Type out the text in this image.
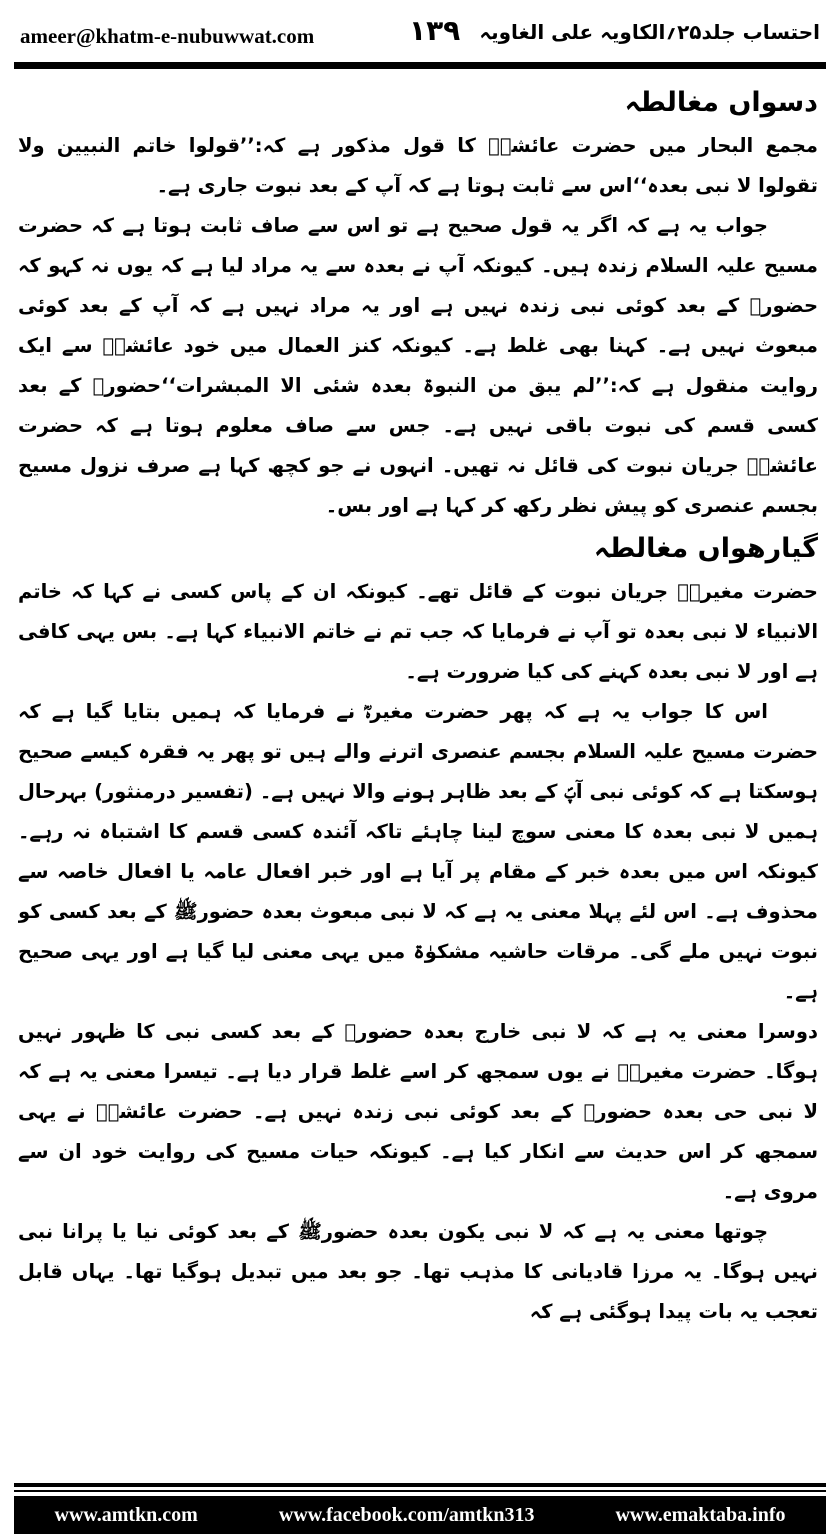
ameer@khatm-e-nubuwwat.com	۱۳۹ احتساب جلد۲۵؍الکاویہ علی الغاویہ
دسواں مغالطہ

مجمع البحار میں حضرت عائشہؓ کا قول مذکور ہے کہ:’’قولوا خاتم النبیین ولا تقولوا لا نبی بعدہ‘‘اس سے ثابت ہوتا ہے کہ آپ کے بعد نبوت جاری ہے۔

جواب یہ ہے کہ اگر یہ قول صحیح ہے تو اس سے صاف ثابت ہوتا ہے کہ حضرت مسیح علیہ السلام زندہ ہیں۔ کیونکہ آپ نے بعدہ سے یہ مراد لیا ہے کہ یوں نہ کہو کہ حضورﷺ کے بعد کوئی نبی زندہ نہیں ہے اور یہ مراد نہیں ہے کہ آپ کے بعد کوئی مبعوث نہیں ہے۔ کہنا بھی غلط ہے۔ کیونکہ کنز العمال میں خود عائشہؓ سے ایک روایت منقول ہے کہ:’’لم یبق من النبوۃ بعدہ شئی الا المبشرات‘‘حضورﷺ کے بعد کسی قسم کی نبوت باقی نہیں ہے۔ جس سے صاف معلوم ہوتا ہے کہ حضرت عائشہؓ جریان نبوت کی قائل نہ تھیں۔ انہوں نے جو کچھ کہا ہے صرف نزول مسیح بجسم عنصری کو پیش نظر رکھ کر کہا ہے اور بس۔

گیارھواں مغالطہ

حضرت مغیرہؓ جریان نبوت کے قائل تھے۔ کیونکہ ان کے پاس کسی نے کہا کہ خاتم الانبیاء لا نبی بعدہ تو آپ نے فرمایا کہ جب تم نے خاتم الانبیاء کہا ہے۔ بس یہی کافی ہے اور لا نبی بعدہ کہنے کی کیا ضرورت ہے۔

اس کا جواب یہ ہے کہ پھر حضرت مغیرہؓ نے فرمایا کہ ہمیں بتایا گیا ہے کہ حضرت مسیح علیہ السلام بجسم عنصری اترنے والے ہیں تو پھر یہ فقرہ کیسے صحیح ہوسکتا ہے کہ کوئی نبی آپؐ کے بعد ظاہر ہونے والا نہیں ہے۔ (تفسیر درمنثور) بہرحال ہمیں لا نبی بعدہ کا معنی سوچ لینا چاہئے تاکہ آئندہ کسی قسم کا اشتباہ نہ رہے۔ کیونکہ اس میں بعدہ خبر کے مقام پر آیا ہے اور خبر افعال عامہ یا افعال خاصہ سے محذوف ہے۔ اس لئے پہلا معنی یہ ہے کہ لا نبی مبعوث بعدہ حضورﷺ کے بعد کسی کو نبوت نہیں ملے گی۔ مرقات حاشیہ مشکوٰۃ میں یہی معنی لیا گیا ہے اور یہی صحیح ہے۔

دوسرا معنی یہ ہے کہ لا نبی خارج بعدہ حضورﷺ کے بعد کسی نبی کا ظہور نہیں ہوگا۔ حضرت مغیرہؓ نے یوں سمجھ کر اسے غلط قرار دیا ہے۔ تیسرا معنی یہ ہے کہ لا نبی حی بعدہ حضورﷺ کے بعد کوئی نبی زندہ نہیں ہے۔ حضرت عائشہؓ نے یہی سمجھ کر اس حدیث سے انکار کیا ہے۔ کیونکہ حیات مسیح کی روایت خود ان سے مروی ہے۔

چوتھا معنی یہ ہے کہ لا نبی یکون بعدہ حضورﷺ کے بعد کوئی نیا یا پرانا نبی نہیں ہوگا۔ یہ مرزا قادیانی کا مذہب تھا۔ جو بعد میں تبدیل ہوگیا تھا۔ یہاں قابل تعجب یہ بات پیدا ہوگئی ہے کہ

www.amtkn.com	www.facebook.com/amtkn313	www.emaktaba.info
